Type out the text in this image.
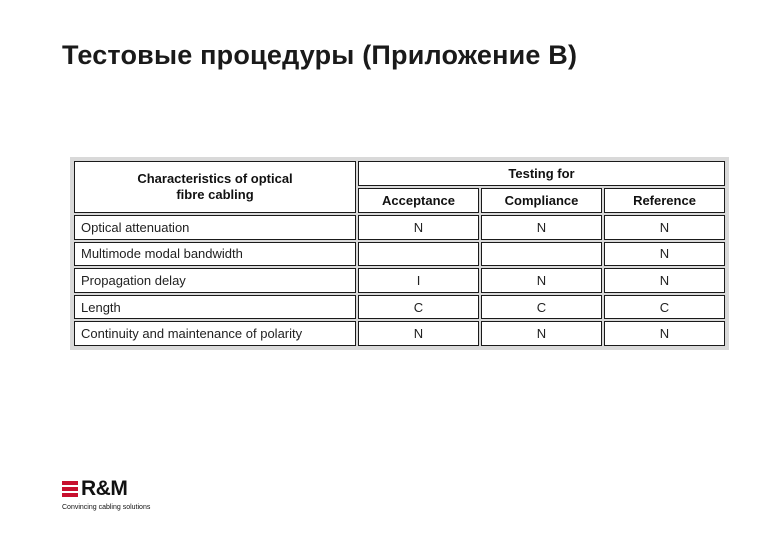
Тестовые процедуры (Приложение B)
Characteristics of optical fibre cabling	Testing for		
	Acceptance	Compliance	Reference
Optical attenuation	N	N	N
Multimode modal bandwidth			N
Propagation delay	I	N	N
Length	C	C	C
Continuity and maintenance of polarity	N	N	N
R&M
Convincing cabling solutions
